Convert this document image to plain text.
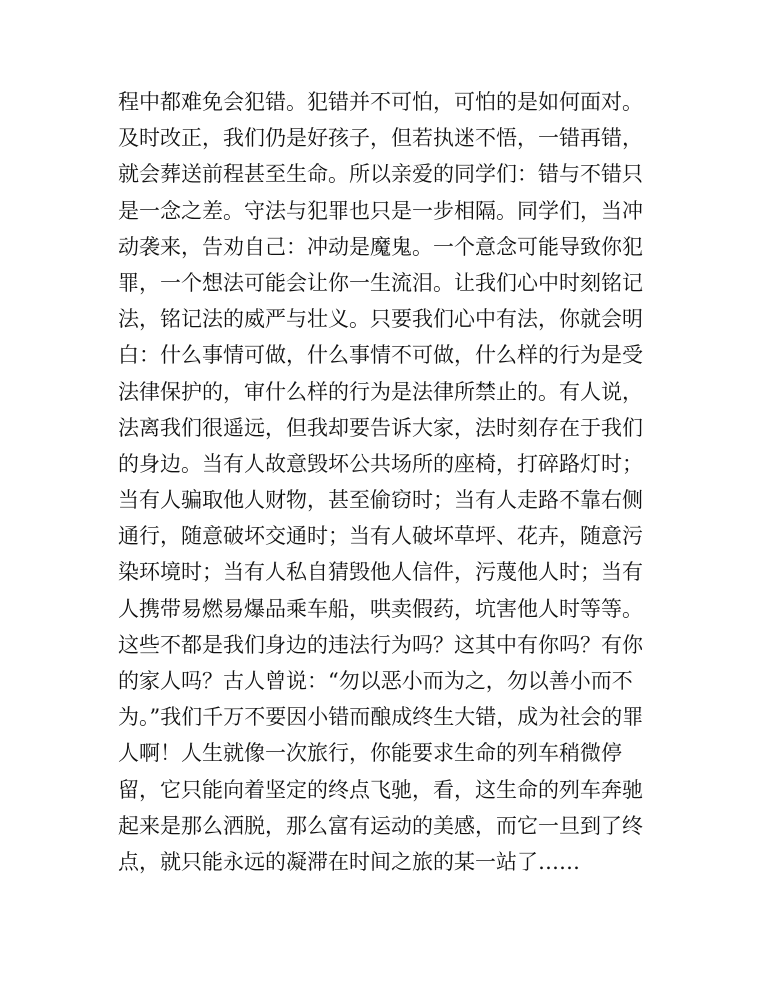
程中都难免会犯错。犯错并不可怕，可怕的是如何面对。
及时改正，我们仍是好孩子，但若执迷不悟，一错再错，
就会葬送前程甚至生命。所以亲爱的同学们：错与不错只
是一念之差。守法与犯罪也只是一步相隔。同学们，当冲
动袭来，告劝自己：冲动是魔鬼。一个意念可能导致你犯
罪，一个想法可能会让你一生流泪。让我们心中时刻铭记
法，铭记法的威严与壮义。只要我们心中有法，你就会明
白：什么事情可做，什么事情不可做，什么样的行为是受
法律保护的，审什么样的行为是法律所禁止的。有人说，
法离我们很遥远，但我却要告诉大家，法时刻存在于我们
的身边。当有人故意毁坏公共场所的座椅，打碎路灯时；
当有人骗取他人财物，甚至偷窃时；当有人走路不靠右侧
通行，随意破坏交通时；当有人破坏草坪、花卉，随意污
染环境时；当有人私自猜毁他人信件，污蔑他人时；当有
人携带易燃易爆品乘车船，哄卖假药，坑害他人时等等。
这些不都是我们身边的违法行为吗？这其中有你吗？有你
的家人吗？古人曾说：“勿以恶小而为之，勿以善小而不
为。”我们千万不要因小错而酿成终生大错，成为社会的罪
人啊！人生就像一次旅行，你能要求生命的列车稍微停
留，它只能向着坚定的终点飞驰，看，这生命的列车奔驰
起来是那么洒脱，那么富有运动的美感，而它一旦到了终
点，就只能永远的凝滞在时间之旅的某一站了……
